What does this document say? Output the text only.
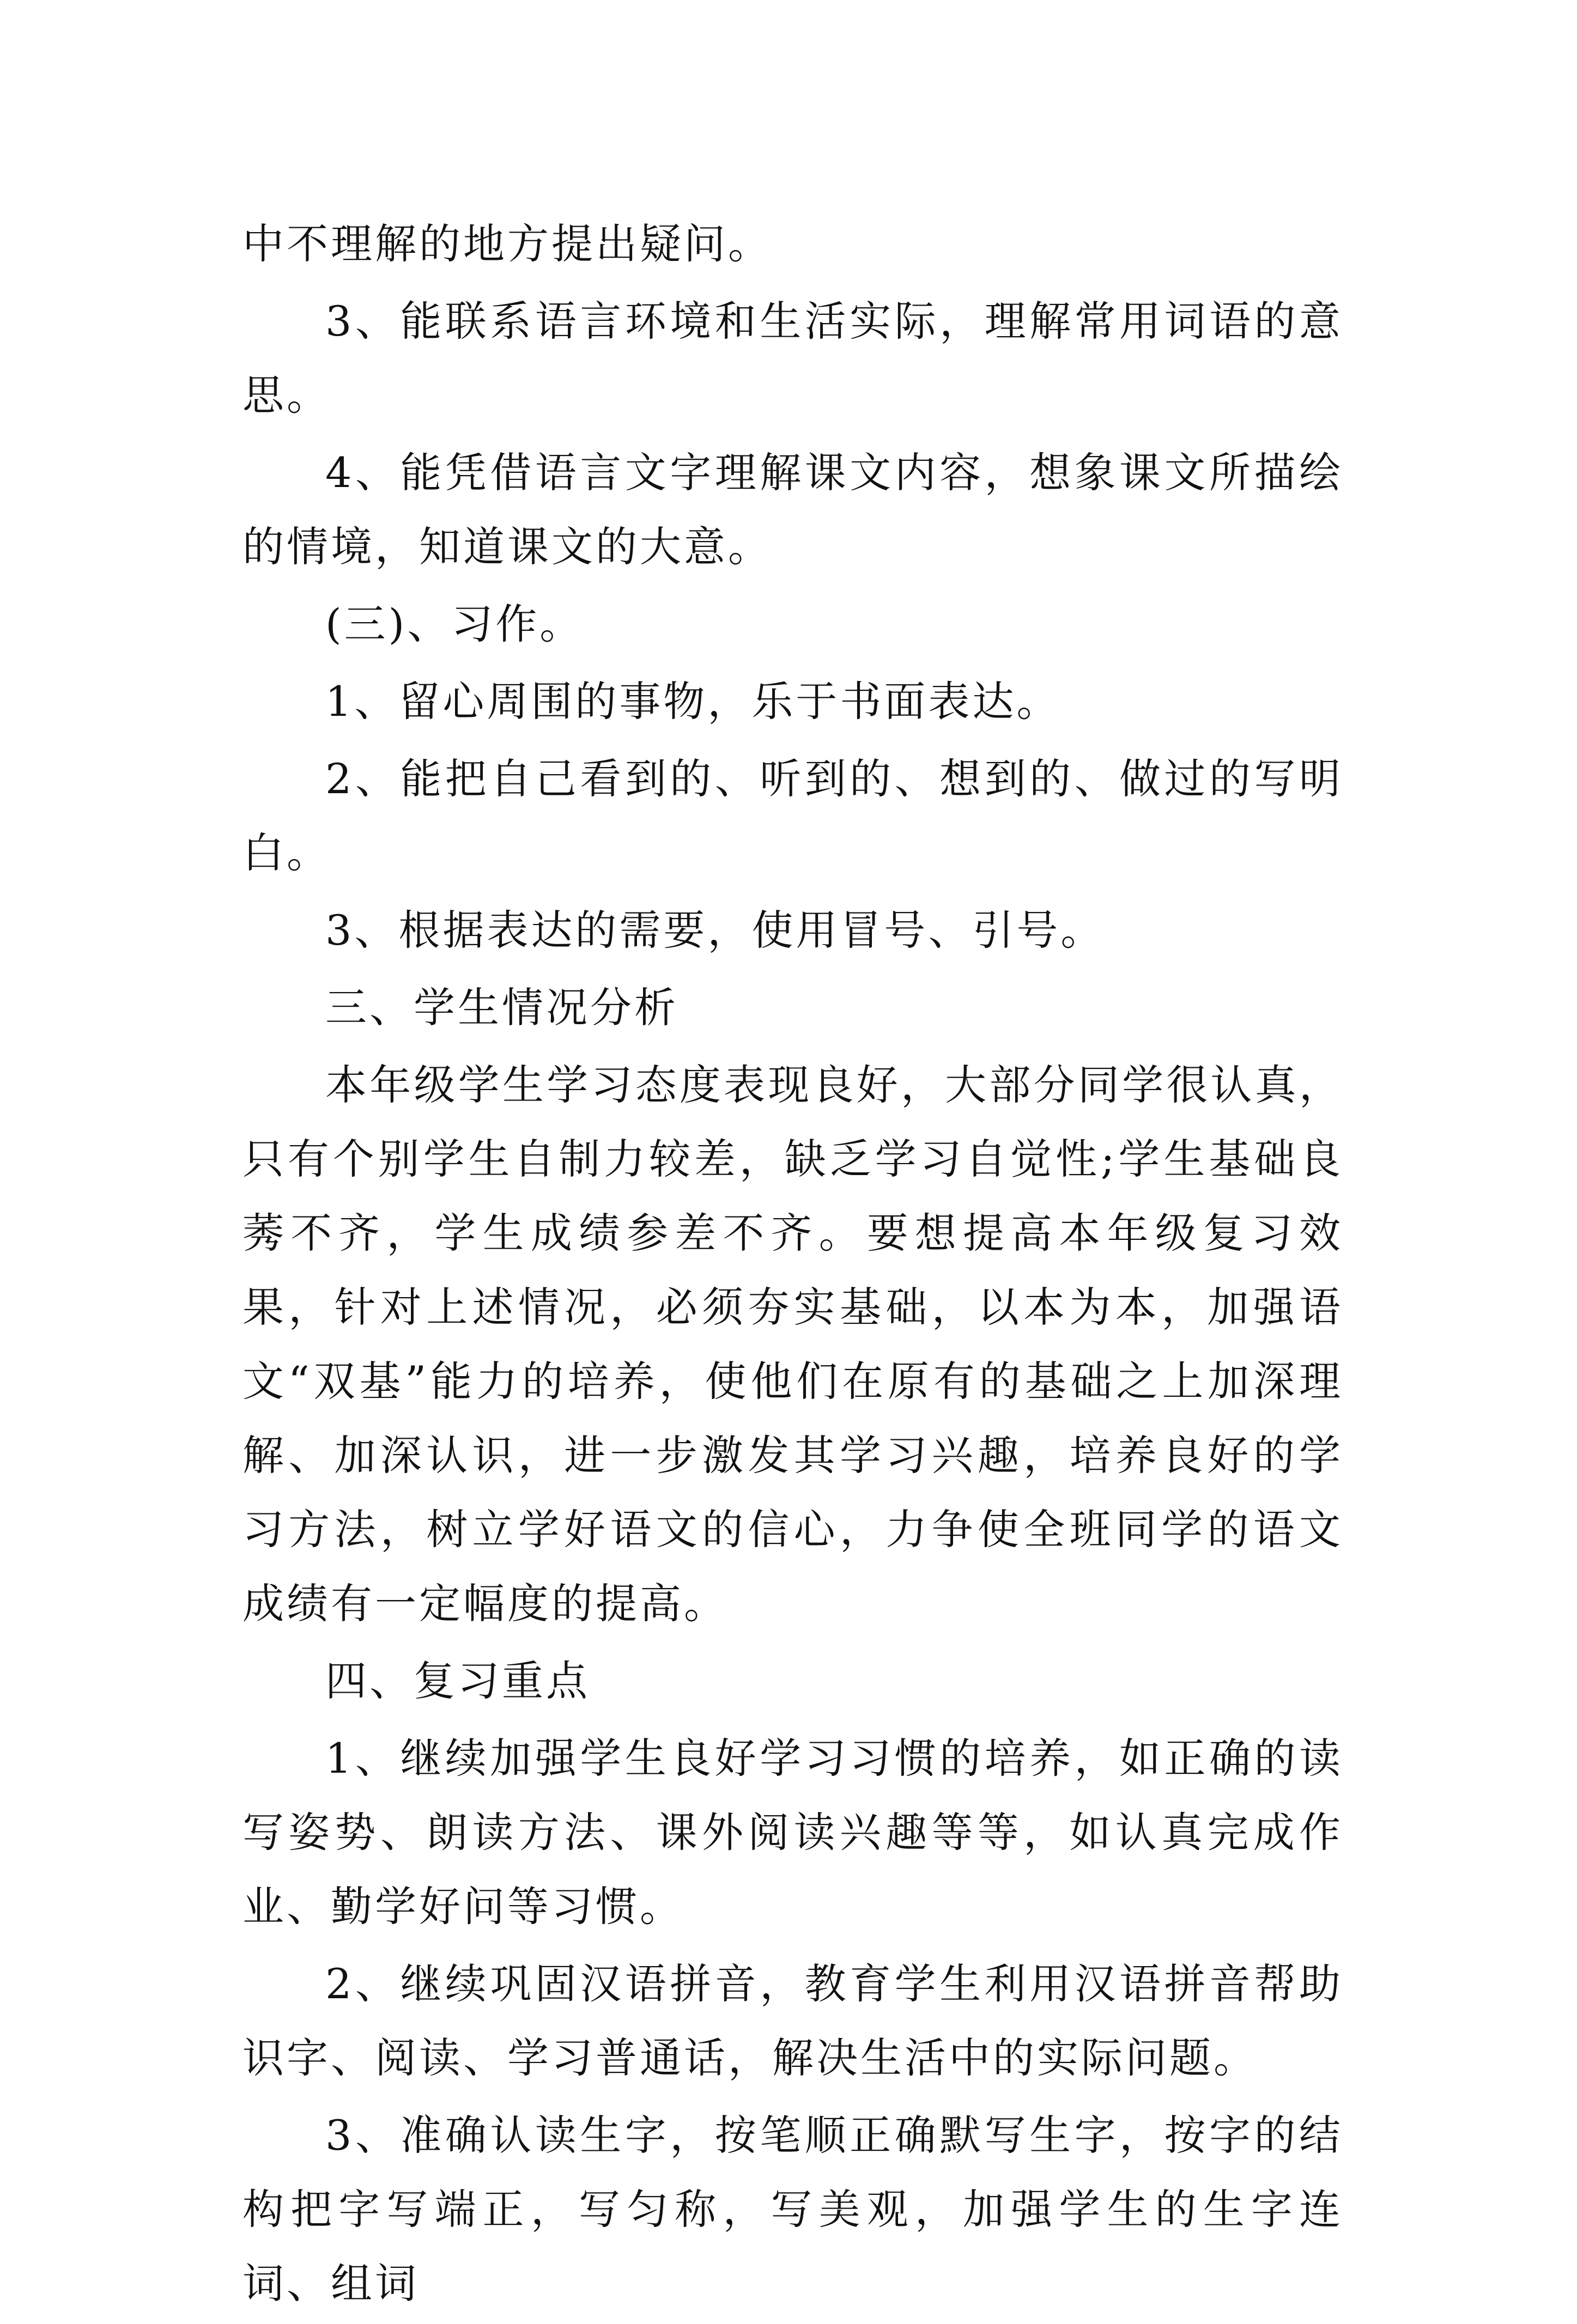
中不理解的地方提出疑问。

3、能联系语言环境和生活实际，理解常用词语的意思。

4、能凭借语言文字理解课文内容，想象课文所描绘的情境，知道课文的大意。

(三)、习作。

1、留心周围的事物，乐于书面表达。

2、能把自己看到的、听到的、想到的、做过的写明白。

3、根据表达的需要，使用冒号、引号。

三、学生情况分析

本年级学生学习态度表现良好，大部分同学很认真，只有个别学生自制力较差，缺乏学习自觉性;学生基础良莠不齐，学生成绩参差不齐。要想提高本年级复习效果，针对上述情况，必须夯实基础，以本为本，加强语文“双基”能力的培养，使他们在原有的基础之上加深理解、加深认识，进一步激发其学习兴趣，培养良好的学习方法，树立学好语文的信心，力争使全班同学的语文成绩有一定幅度的提高。

四、复习重点

1、继续加强学生良好学习习惯的培养，如正确的读写姿势、朗读方法、课外阅读兴趣等等，如认真完成作业、勤学好问等习惯。

2、继续巩固汉语拼音，教育学生利用汉语拼音帮助识字、阅读、学习普通话，解决生活中的实际问题。

3、准确认读生字，按笔顺正确默写生字，按字的结构把字写端正，写匀称，写美观，加强学生的生字连词、组词
